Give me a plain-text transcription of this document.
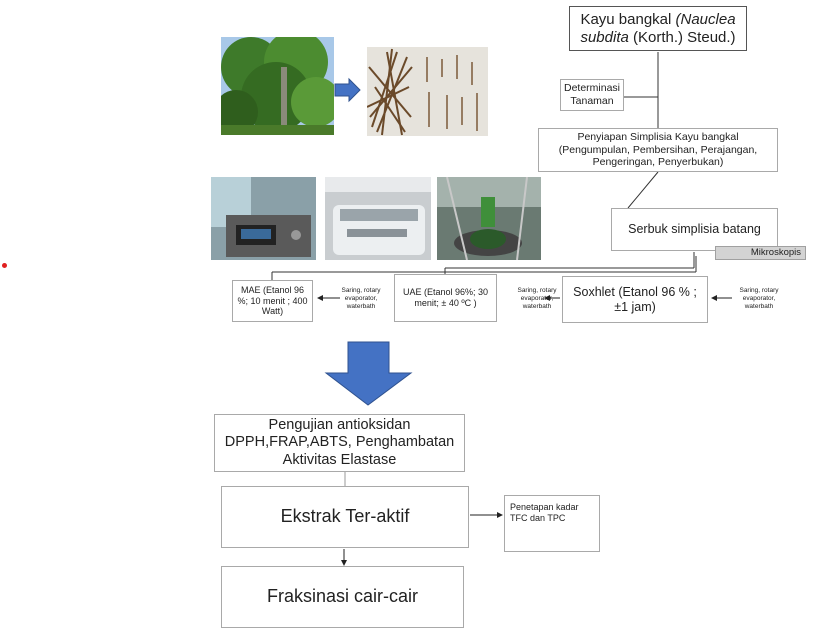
Kayu bangkal (Nauclea subdita (Korth.) Steud.)
Determinasi Tanaman
Penyiapan Simplisia Kayu bangkal
(Pengumpulan, Pembersihan, Perajangan, Pengeringan, Penyerbukan)
Serbuk simplisia batang
Mikroskopis
MAE (Etanol 96 %; 10 menit ; 400 Watt)
UAE (Etanol 96%; 30 menit; ± 40 ºC )
Soxhlet (Etanol 96 % ; ±1 jam)
Saring, rotary evaporator, waterbath
Saring, rotary evaporator, waterbath
Saring, rotary evaporator, waterbath
Pengujian antioksidan DPPH,FRAP,ABTS, Penghambatan Aktivitas Elastase
Ekstrak Ter-aktif	Penetapan kadar TFC dan TPC
Fraksinasi cair-cair
